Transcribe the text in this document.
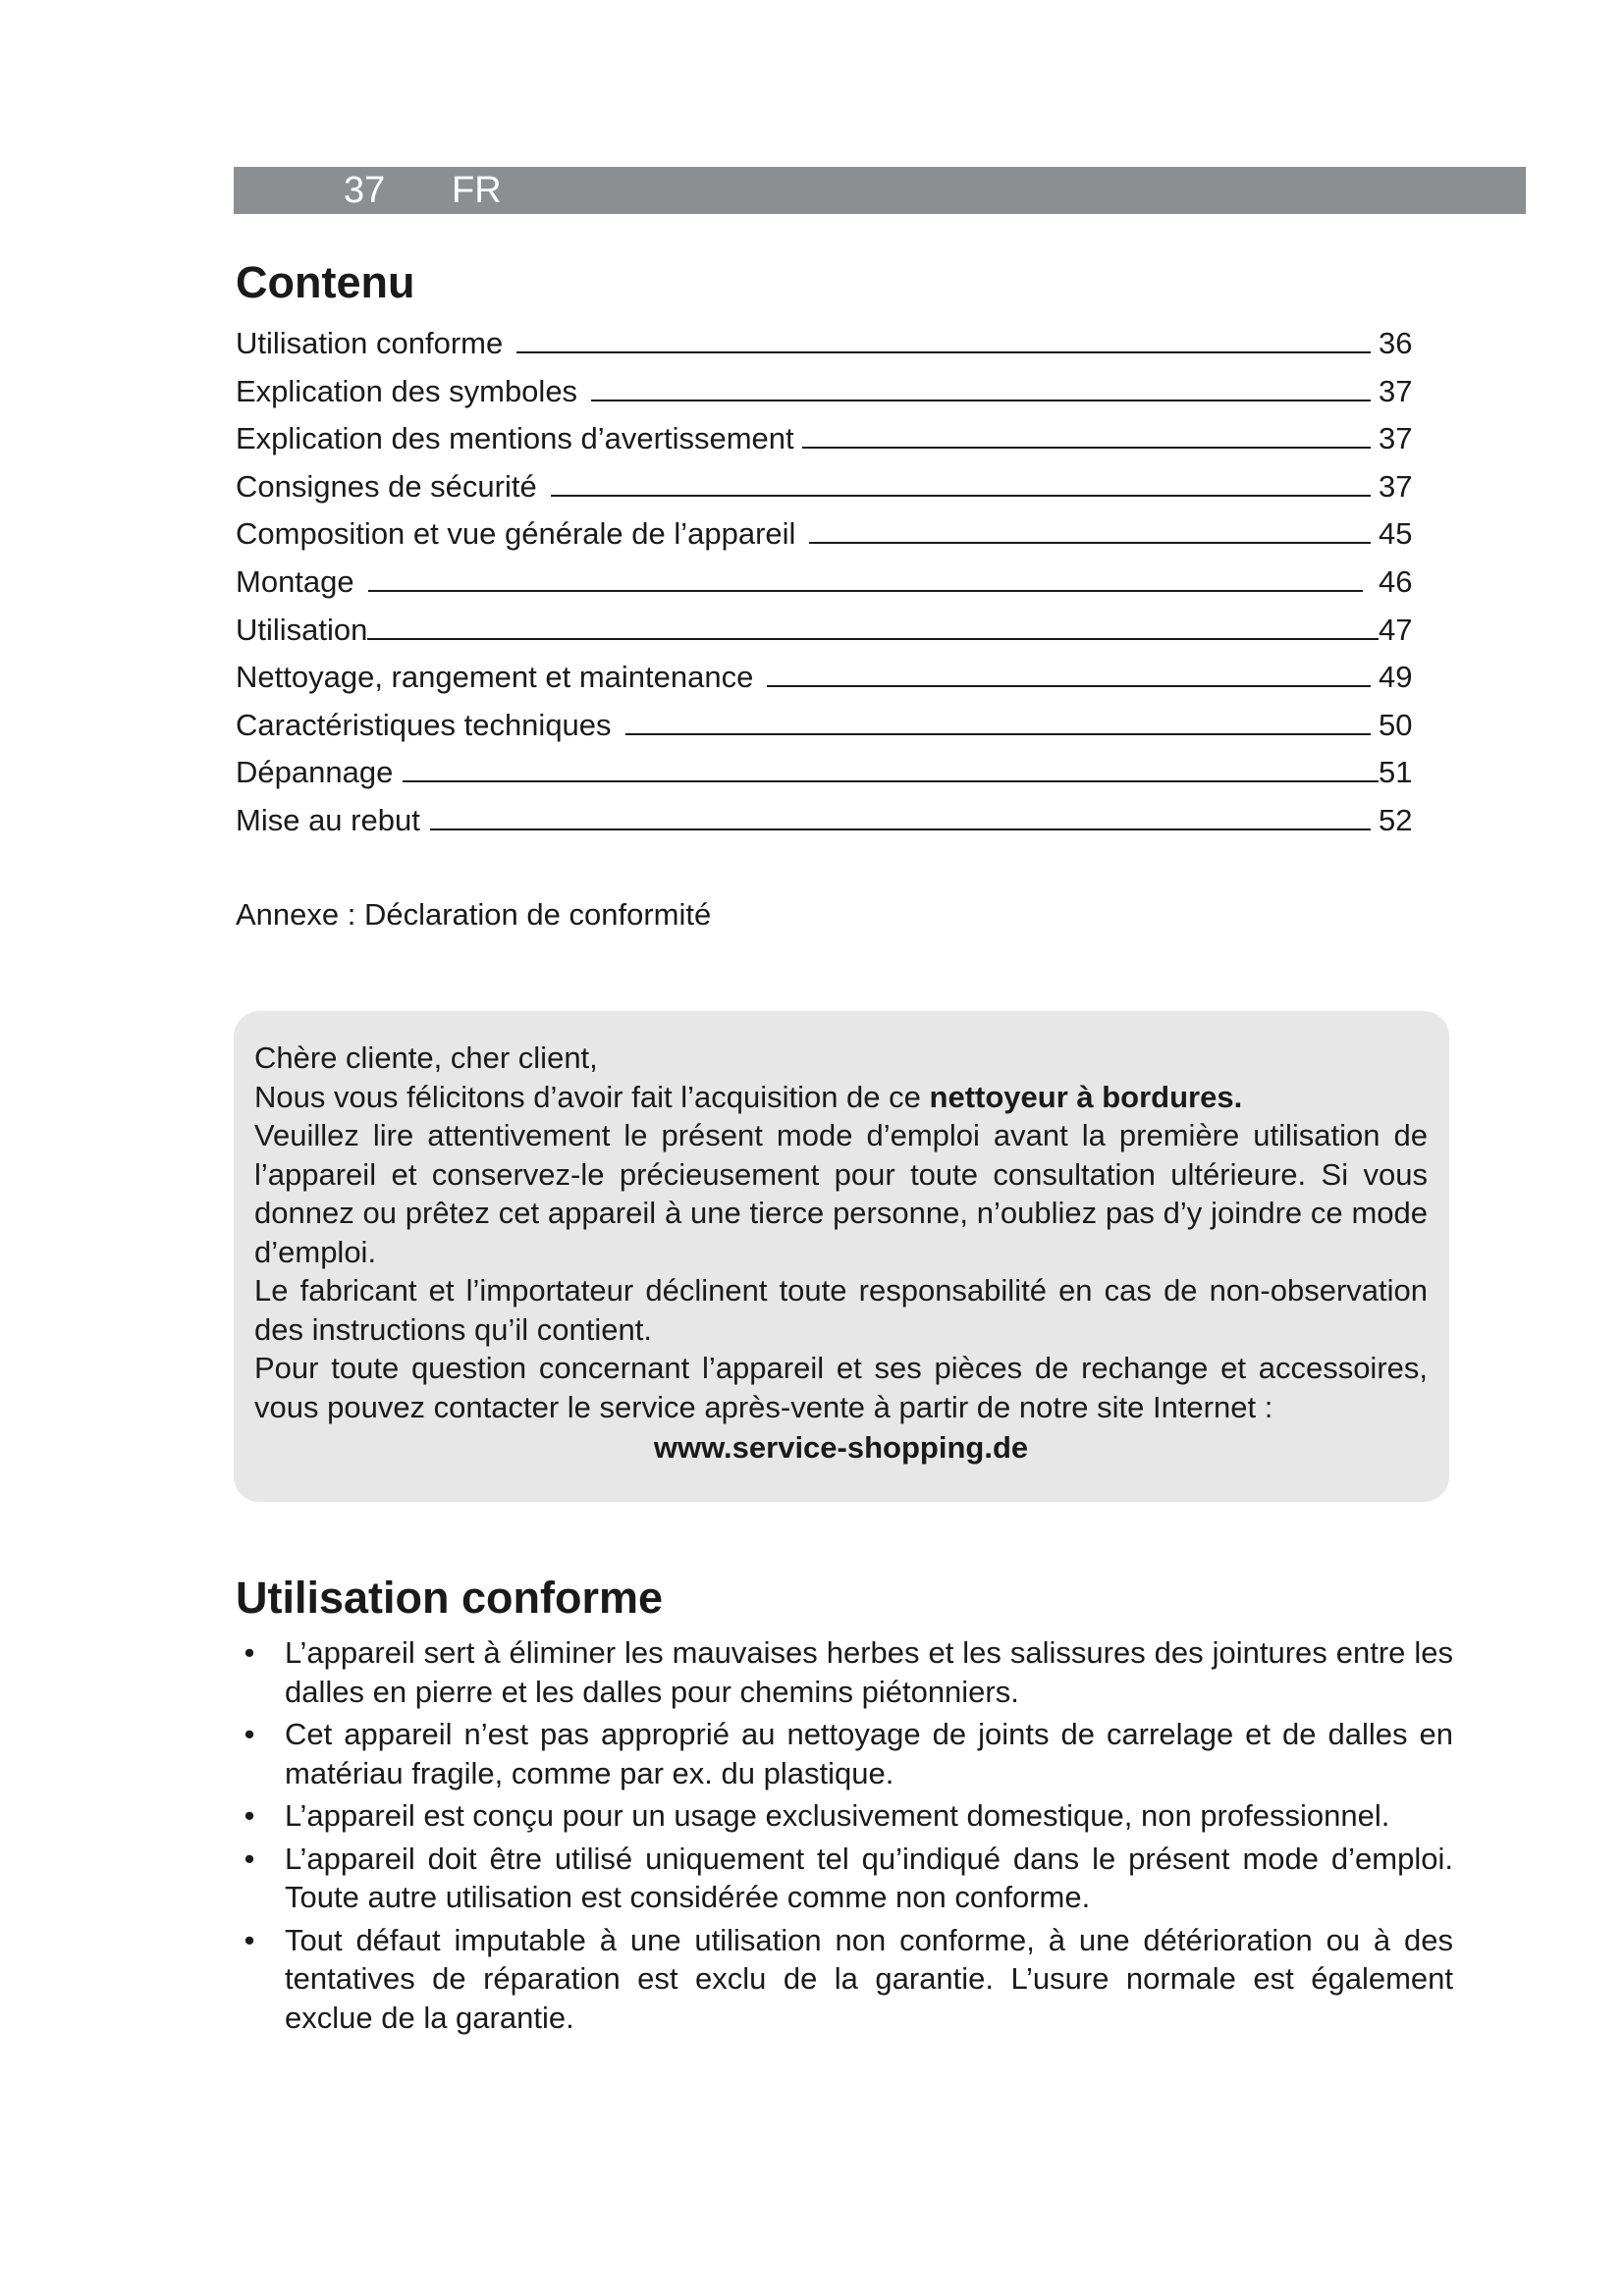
37 FR
Contenu
Utilisation conforme	36
Explication des symboles	37
Explication des mentions d’avertissement	37
Consignes de sécurité	37
Composition et vue générale de l’appareil	45
Montage	46
Utilisation	47
Nettoyage, rangement et maintenance	49
Caractéristiques techniques	50
Dépannage	51
Mise au rebut	52
Annexe : Déclaration de conformité

Chère cliente, cher client,

Nous vous félicitons d’avoir fait l’acquisition de ce nettoyeur à bordures.

Veuillez lire attentivement le présent mode d’emploi avant la première utilisation de l’appareil et conservez-le précieusement pour toute consultation ultérieure. Si vous donnez ou prêtez cet appareil à une tierce personne, n’oubliez pas d’y joindre ce mode d’emploi.

Le fabricant et l’importateur déclinent toute responsabilité en cas de non-observation des instructions qu’il contient.

Pour toute question concernant l’appareil et ses pièces de rechange et accessoires, vous pouvez contacter le service après-vente à partir de notre site Internet :

www.service-shopping.de

Utilisation conforme
• L’appareil sert à éliminer les mauvaises herbes et les salissures des jointures entre les dalles en pierre et les dalles pour chemins piétonniers.
• Cet appareil n’est pas approprié au nettoyage de joints de carrelage et de dalles en matériau fragile, comme par ex. du plastique.
• L’appareil est conçu pour un usage exclusivement domestique, non professionnel.
• L’appareil doit être utilisé uniquement tel qu’indiqué dans le présent mode d’emploi. Toute autre utilisation est considérée comme non conforme.
• Tout défaut imputable à une utilisation non conforme, à une détérioration ou à des tentatives de réparation est exclu de la garantie. L’usure normale est également exclue de la garantie.
